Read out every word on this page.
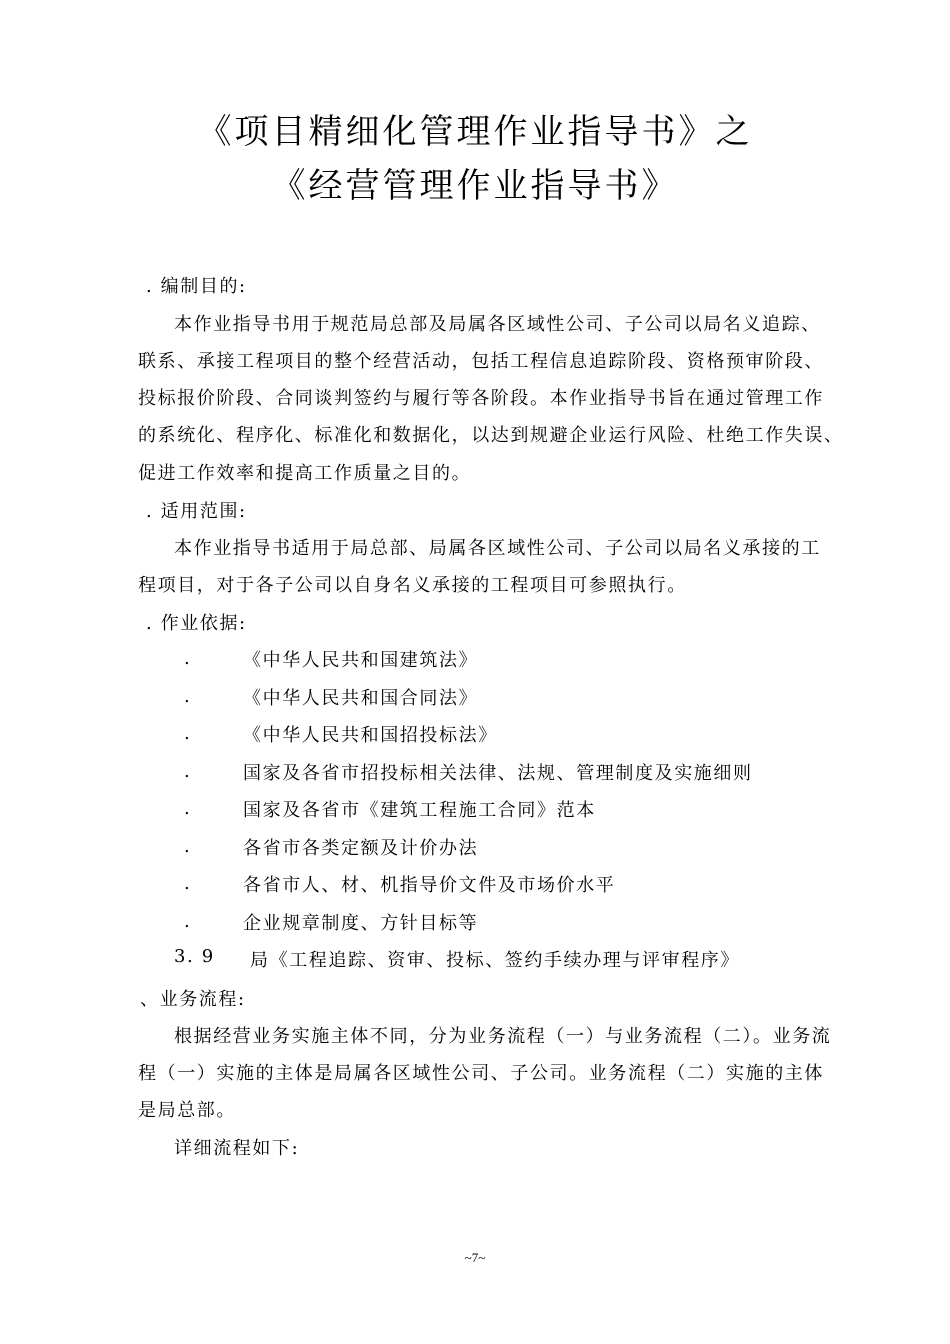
《项目精细化管理作业指导书》之
《经营管理作业指导书》
. 编制目的:
本作业指导书用于规范局总部及局属各区域性公司、子公司以局名义追踪、
联系、承接工程项目的整个经营活动，包括工程信息追踪阶段、资格预审阶段、
投标报价阶段、合同谈判签约与履行等各阶段。本作业指导书旨在通过管理工作
的系统化、程序化、标准化和数据化，以达到规避企业运行风险、杜绝工作失误、
促进工作效率和提高工作质量之目的。
. 适用范围:
本作业指导书适用于局总部、局属各区域性公司、子公司以局名义承接的工
程项目，对于各子公司以自身名义承接的工程项目可参照执行。
. 作业依据:
.	《中华人民共和国建筑法》
.	《中华人民共和国合同法》
.	《中华人民共和国招投标法》
.	国家及各省市招投标相关法律、法规、管理制度及实施细则
.	国家及各省市《建筑工程施工合同》范本
.	各省市各类定额及计价办法
.	各省市人、材、机指导价文件及市场价水平
.	企业规章制度、方针目标等
3. 9	局《工程追踪、资审、投标、签约手续办理与评审程序》
、业务流程:
根据经营业务实施主体不同，分为业务流程（一）与业务流程（二）。业务流
程（一）实施的主体是局属各区域性公司、子公司。业务流程（二）实施的主体
是局总部。
详细流程如下:
~7~
